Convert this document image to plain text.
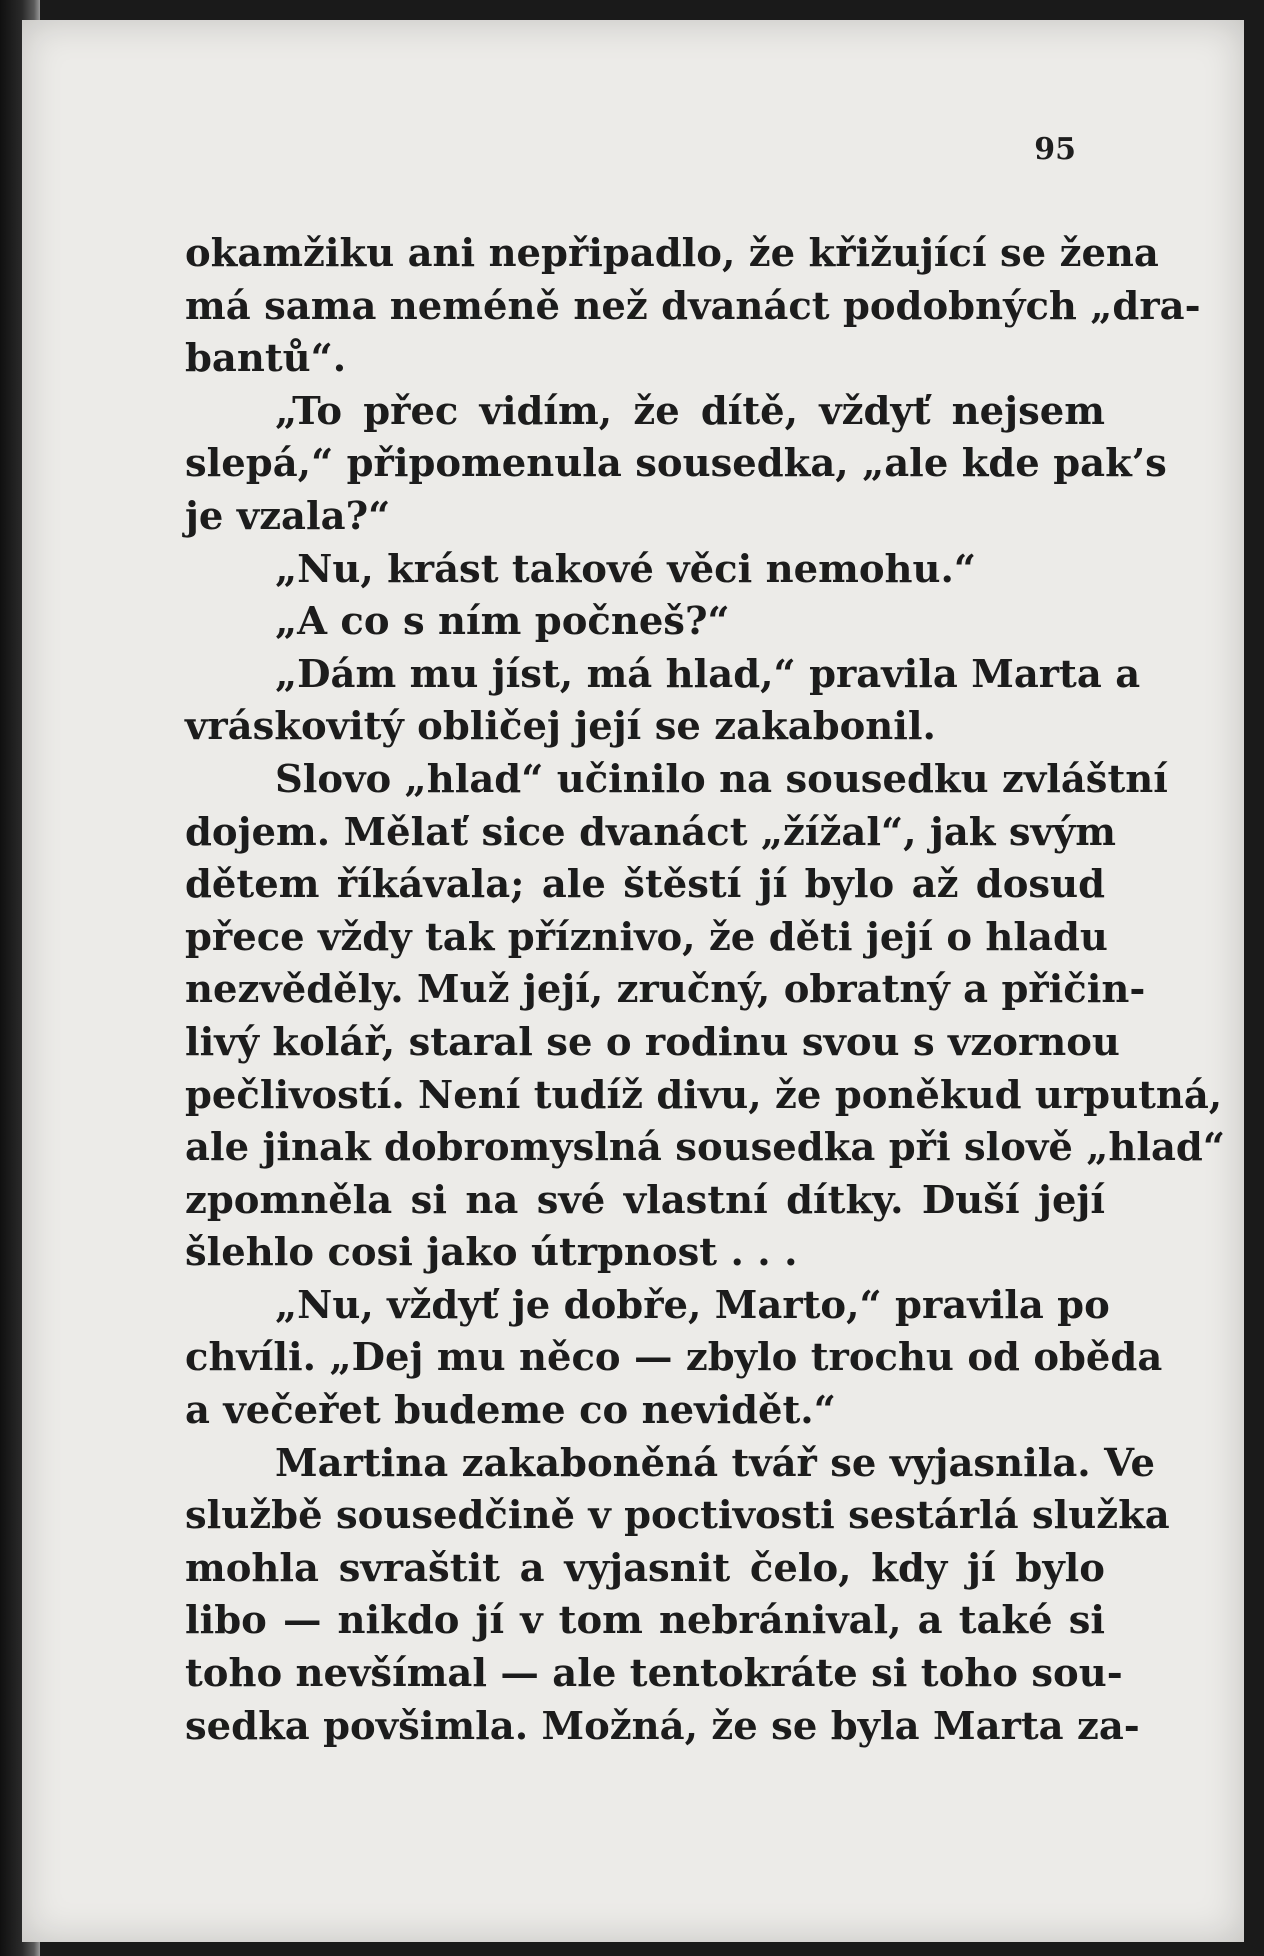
95
okamžiku ani nepřipadlo, že křižující se žena
má sama neméně než dvanáct podobných „dra-
bantů“.
„To přec vidím, že dítě, vždyť nejsem
slepá,“ připomenula sousedka, „ale kde pak’s
je vzala?“
„Nu, krást takové věci nemohu.“
„A co s ním počneš?“
„Dám mu jíst, má hlad,“ pravila Marta a
vráskovitý obličej její se zakabonil.
Slovo „hlad“ učinilo na sousedku zvláštní
dojem. Mělať sice dvanáct „žížal“, jak svým
dětem říkávala; ale štěstí jí bylo až dosud
přece vždy tak příznivo, že děti její o hladu
nezvěděly. Muž její, zručný, obratný a přičin-
livý kolář, staral se o rodinu svou s vzornou
pečlivostí. Není tudíž divu, že poněkud urputná,
ale jinak dobromyslná sousedka při slově „hlad“
zpomněla si na své vlastní dítky. Duší její
šlehlo cosi jako útrpnost . . .
„Nu, vždyť je dobře, Marto,“ pravila po
chvíli. „Dej mu něco — zbylo trochu od oběda
a večeřet budeme co nevidět.“
Martina zakaboněná tvář se vyjasnila. Ve
službě sousedčině v poctivosti sestárlá služka
mohla svraštit a vyjasnit čelo, kdy jí bylo
libo — nikdo jí v tom nebránival, a také si
toho nevšímal — ale tentokráte si toho sou-
sedka povšimla. Možná, že se byla Marta za-
